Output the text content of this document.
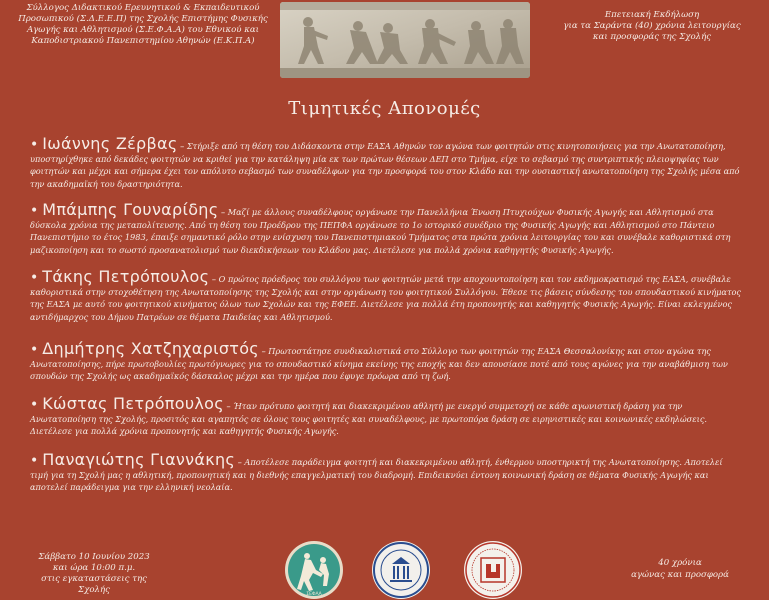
Σύλλογος Διδακτικού Ερευνητικού & Εκπαιδευτικού
Προσωπικού (Σ.Δ.Ε.Ε.Π) της Σχολής Επιστήμης Φυσικής
Αγωγής και Αθλητισμού (Σ.Ε.Φ.Α.Α) του Εθνικού και
Καποδιστριακού Πανεπιστημίου Αθηνών (Ε.Κ.Π.Α)
Επετειακή Εκδήλωση
για τα Σαράντα (40) χρόνια λειτουργίας
και προσφοράς της Σχολής
Τιμητικές Απονομές
• Ιωάννης Ζέρβας – Στήριξε από τη θέση του Διδάσκοντα στην ΕΑΣΑ Αθηνών τον αγώνα των φοιτητών στις κινητοποιήσεις για την Ανωτατοποίηση, υποστηρίχθηκε από δεκάδες φοιτητών να κριθεί για την κατάληψη μία εκ των πρώτων θέσεων ΔΕΠ στο Τμήμα, είχε το σεβασμό της συντριπτικής πλειοψηφίας των φοιτητών και μέχρι και σήμερα έχει τον απόλυτο σεβασμό των συναδέλφων για την προσφορά του στον Κλάδο και την ουσιαστική ανωτατοποίηση της Σχολής μέσα από την ακαδημαϊκή του δραστηριότητα.
• Μπάμπης Γουναρίδης – Μαζί με άλλους συναδέλφους οργάνωσε την Πανελλήνια Ένωση Πτυχιούχων Φυσικής Αγωγής και Αθλητισμού στα δύσκολα χρόνια της μεταπολίτευσης. Από τη θέση του Προέδρου της ΠΕΠΦΑ οργάνωσε το 1ο ιστορικό συνέδριο της Φυσικής Αγωγής και Αθλητισμού στο Πάντειο Πανεπιστήμιο το έτος 1983, έπαιξε σημαντικό ρόλο στην ενίσχυση του Πανεπιστημιακού Τμήματος στα πρώτα χρόνια λειτουργίας του και συνέβαλε καθοριστικά στη μαζικοποίηση και το σωστό προσανατολισμό των διεκδικήσεων του Κλάδου μας. Διετέλεσε για πολλά χρόνια καθηγητής Φυσικής Αγωγής.
• Τάκης Πετρόπουλος – Ο πρώτος πρόεδρος του συλλόγου των φοιτητών μετά την αποχουντοποίηση και τον εκδημοκρατισμό της ΕΑΣΑ, συνέβαλε καθοριστικά στην στοχοθέτηση της Ανωτατοποίησης της Σχολής και στην οργάνωση του φοιτητικού Συλλόγου. Έθεσε τις βάσεις σύνδεσης του σπουδαστικού κινήματος της ΕΑΣΑ με αυτό του φοιτητικού κινήματος όλων των Σχολών και της ΕΦΕΕ. Διετέλεσε για πολλά έτη προπονητής και καθηγητής Φυσικής Αγωγής. Είναι εκλεγμένος αντιδήμαρχος του Δήμου Πατρέων σε θέματα Παιδείας και Αθλητισμού.
• Δημήτρης Χατζηχαριστός – Πρωτοστάτησε συνδικαλιστικά στο Σύλλογο των φοιτητών της ΕΑΣΑ Θεσσαλονίκης και στον αγώνα της Ανωτατοποίησης, πήρε πρωτοβουλίες πρωτόγνωρες για το σπουδαστικό κίνημα εκείνης της εποχής και δεν απουσίασε ποτέ από τους αγώνες για την αναβάθμιση των σπουδών της Σχολής ως ακαδημαϊκός δάσκαλος μέχρι και την ημέρα που έφυγε πρόωρα από τη ζωή.
• Κώστας Πετρόπουλος – Ήταν πρότυπο φοιτητή και διακεκριμένου αθλητή με ενεργό συμμετοχή σε κάθε αγωνιστική δράση για την Ανωτατοποίηση της Σχολής, προσιτός και αγαπητός σε όλους τους φοιτητές και συναδέλφους, με πρωτοπόρα δράση σε ειρηνιστικές και κοινωνικές εκδηλώσεις. Διετέλεσε για πολλά χρόνια προπονητής και καθηγητής Φυσικής Αγωγής.
• Παναγιώτης Γιαννάκης – Αποτέλεσε παράδειγμα φοιτητή και διακεκριμένου αθλητή, ένθερμου υποστηρικτή της Ανωτατοποίησης. Αποτελεί τιμή για τη Σχολή μας η αθλητική, προπονητική και η διεθνής επαγγελματική του διαδρομή. Επιδεικνύει έντονη κοινωνική δράση σε θέματα Φυσικής Αγωγής και αποτελεί παράδειγμα για την ελληνική νεολαία.
Σάββατο 10 Ιουνίου 2023
και ώρα 10:00 π.μ.
στις εγκαταστάσεις της Σχολής	ΣΕΦΑΑ
40 χρόνια
αγώνας και προσφορά
